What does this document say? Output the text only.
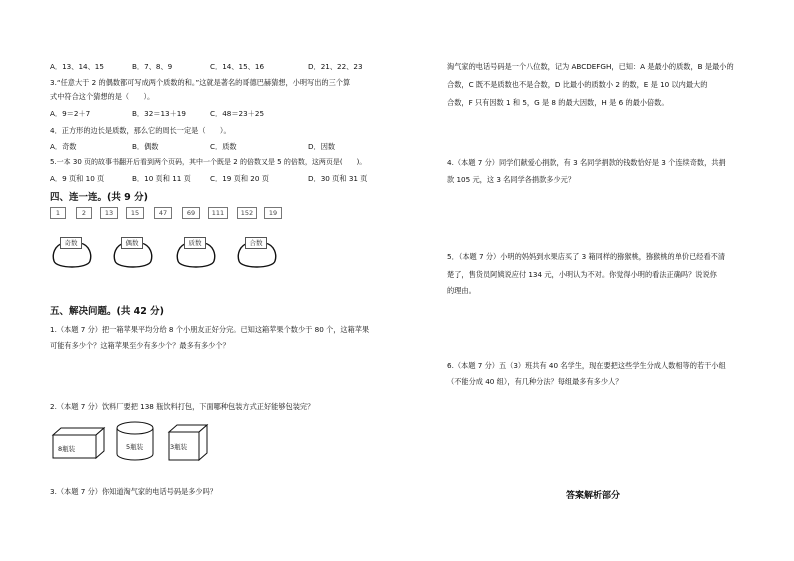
A．13、14、15	B．7、8、9	C．14、15、16	D．21、22、23
3.“任意大于 2 的偶数都可写成两个质数的和。”这就是著名的哥德巴赫猜想，小明写出的三个算
式中符合这个猜想的是（　　）。
A．9＝2＋7	B．32＝13＋19	C．48＝23＋25
4．正方形的边长是质数，那么它的周长一定是（　　）。
A．奇数	B．偶数	C．质数	D．因数
5.一本 30 页的故事书翻开后看到两个页码，其中一个既是 2 的倍数又是 5 的倍数，这两页是(　　)。
A．9 页和 10 页	B．10 页和 11 页	C．19 页和 20 页	D．30 页和 31 页
四、连一连。(共 9 分)
1	2	13	15	47	69	111	152	19
奇数	偶数	质数	合数
五、解决问题。(共 42 分)
1.（本题 7 分）把一箱苹果平均分给 8 个小朋友正好分完。已知这箱苹果个数少于 80 个，这箱苹果
可能有多少个？这箱苹果至少有多少个？最多有多少个？
2.（本题 7 分）饮料厂要把 138 瓶饮料打包，下面哪种包装方式正好能够包装完？
8瓶装	5瓶装	3瓶装
3.（本题 7 分）你知道淘气家的电话号码是多少吗？
淘气家的电话号码是一个八位数，记为 ABCDEFGH，已知：A 是最小的质数，B 是最小的
合数，C 既不是质数也不是合数，D 比最小的质数小 2 的数，E 是 10 以内最大的
合数，F 只有因数 1 和 5，G 是 8 的最大因数，H 是 6 的最小倍数。
4.（本题 7 分）同学们献爱心捐款，有 3 名同学捐款的钱数恰好是 3 个连续奇数，共捐
款 105 元，这 3 名同学各捐款多少元？
5．（本题 7 分）小明的妈妈到水果店买了 3 箱同样的猕猴桃，猕猴桃的单价已经看不清
楚了，售货员阿姨说应付 134 元，小明认为不对。你觉得小明的看法正确吗？说说你
的理由。
6.（本题 7 分）五（3）班共有 40 名学生，现在要把这些学生分成人数相等的若干小组
（不能分成 40 组），有几种分法？每组最多有多少人？
答案解析部分
